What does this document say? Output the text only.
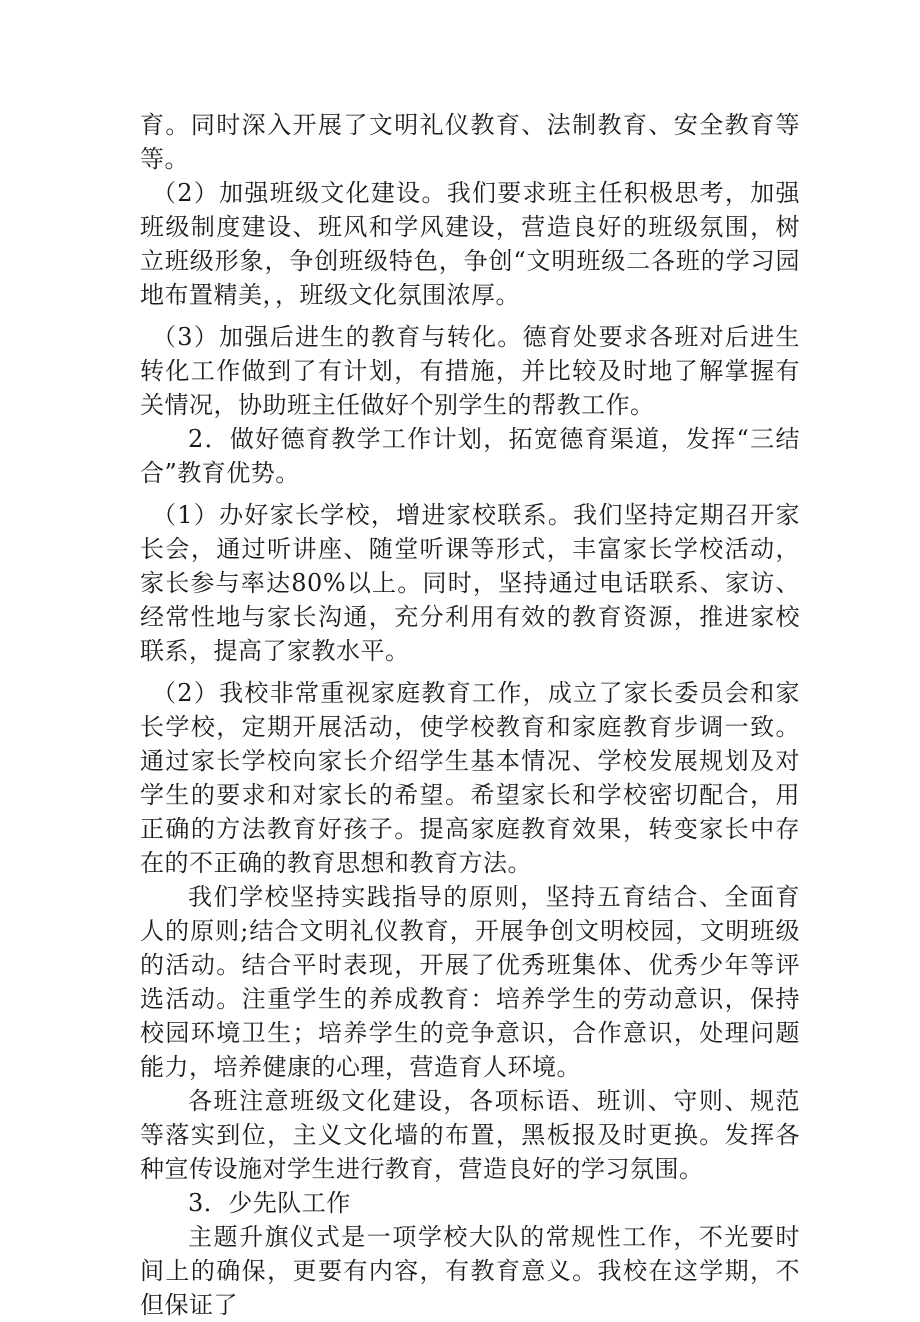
育。同时深入开展了文明礼仪教育、法制教育、安全教育等等。

（2）加强班级文化建设。我们要求班主任积极思考，加强班级制度建设、班风和学风建设，营造良好的班级氛围，树立班级形象，争创班级特色，争创“文明班级二各班的学习园地布置精美，，班级文化氛围浓厚。

（3）加强后进生的教育与转化。德育处要求各班对后进生转化工作做到了有计划，有措施，并比较及时地了解掌握有关情况，协助班主任做好个别学生的帮教工作。

2．做好德育教学工作计划，拓宽德育渠道，发挥“三结合”教育优势。

（1）办好家长学校，增进家校联系。我们坚持定期召开家长会，通过听讲座、随堂听课等形式，丰富家长学校活动，家长参与率达80%以上。同时，坚持通过电话联系、家访、经常性地与家长沟通，充分利用有效的教育资源，推进家校联系，提高了家教水平。

（2）我校非常重视家庭教育工作，成立了家长委员会和家长学校，定期开展活动，使学校教育和家庭教育步调一致。通过家长学校向家长介绍学生基本情况、学校发展规划及对学生的要求和对家长的希望。希望家长和学校密切配合，用正确的方法教育好孩子。提高家庭教育效果，转变家长中存在的不正确的教育思想和教育方法。

我们学校坚持实践指导的原则，坚持五育结合、全面育人的原则;结合文明礼仪教育，开展争创文明校园，文明班级的活动。结合平时表现，开展了优秀班集体、优秀少年等评选活动。注重学生的养成教育：培养学生的劳动意识，保持校园环境卫生；培养学生的竞争意识，合作意识，处理问题能力，培养健康的心理，营造育人环境。

各班注意班级文化建设，各项标语、班训、守则、规范等落实到位，主义文化墙的布置，黑板报及时更换。发挥各种宣传设施对学生进行教育，营造良好的学习氛围。

3．少先队工作

主题升旗仪式是一项学校大队的常规性工作，不光要时间上的确保，更要有内容，有教育意义。我校在这学期，不但保证了
